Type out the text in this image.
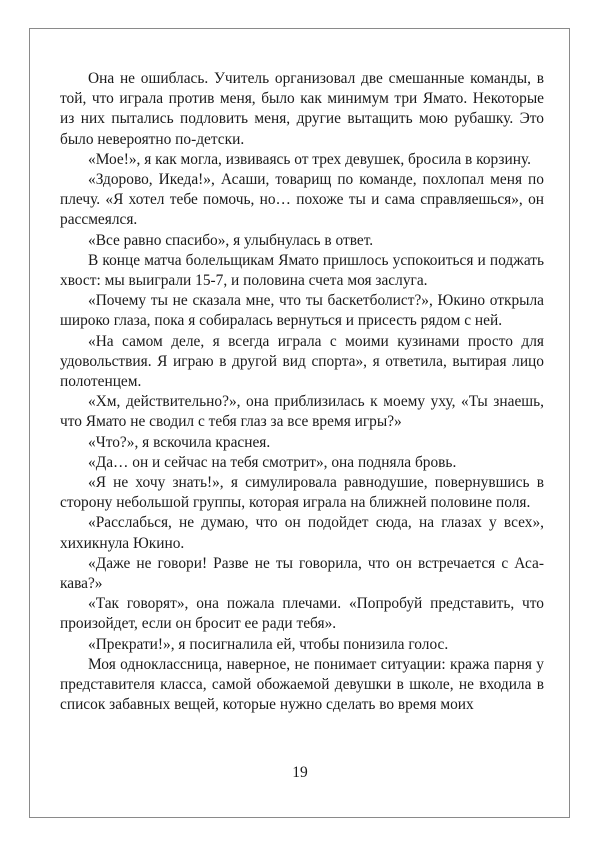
Она не ошиблась. Учитель организовал две смешанные команды, в той, что играла против меня, было как минимум три Ямато. Некоторые из них пытались подловить меня, другие вытащить мою рубашку. Это было невероятно по-детски.

«Мое!», я как могла, извиваясь от трех девушек, бросила в корзину.

«Здорово, Икеда!», Асаши, товарищ по команде, похлопал меня по плечу. «Я хотел тебе помочь, но… похоже ты и сама справляешься», он рассмеялся.

«Все равно спасибо», я улыбнулась в ответ.

В конце матча болельщикам Ямато пришлось успокоиться и поджать хвост: мы выиграли 15-7, и половина счета моя заслуга.

«Почему ты не сказала мне, что ты баскетболист?», Юкино открыла широко глаза, пока я собиралась вернуться и присесть рядом с ней.

«На самом деле, я всегда играла с моими кузинами просто для удовольствия. Я играю в другой вид спорта», я ответила, вытирая лицо полотенцем.

«Хм, действительно?», она приблизилась к моему уху, «Ты знаешь, что Ямато не сводил с тебя глаз за все время игры?»

«Что?», я вскочила краснея.

«Да… он и сейчас на тебя смотрит», она подняла бровь.

«Я не хочу знать!», я симулировала равнодушие, повернувшись в сторону небольшой группы, которая играла на ближней половине поля.

«Расслабься, не думаю, что он подойдет сюда, на глазах у всех», хихикнула Юкино.

«Даже не говори! Разве не ты говорила, что он встречается с Асакава?»

«Так говорят», она пожала плечами. «Попробуй представить, что произойдет, если он бросит ее ради тебя».

«Прекрати!», я посигналила ей, чтобы понизила голос.

Моя одноклассница, наверное, не понимает ситуации: кража парня у представителя класса, самой обожаемой девушки в школе, не входила в список забавных вещей, которые нужно сделать во время моих

19
